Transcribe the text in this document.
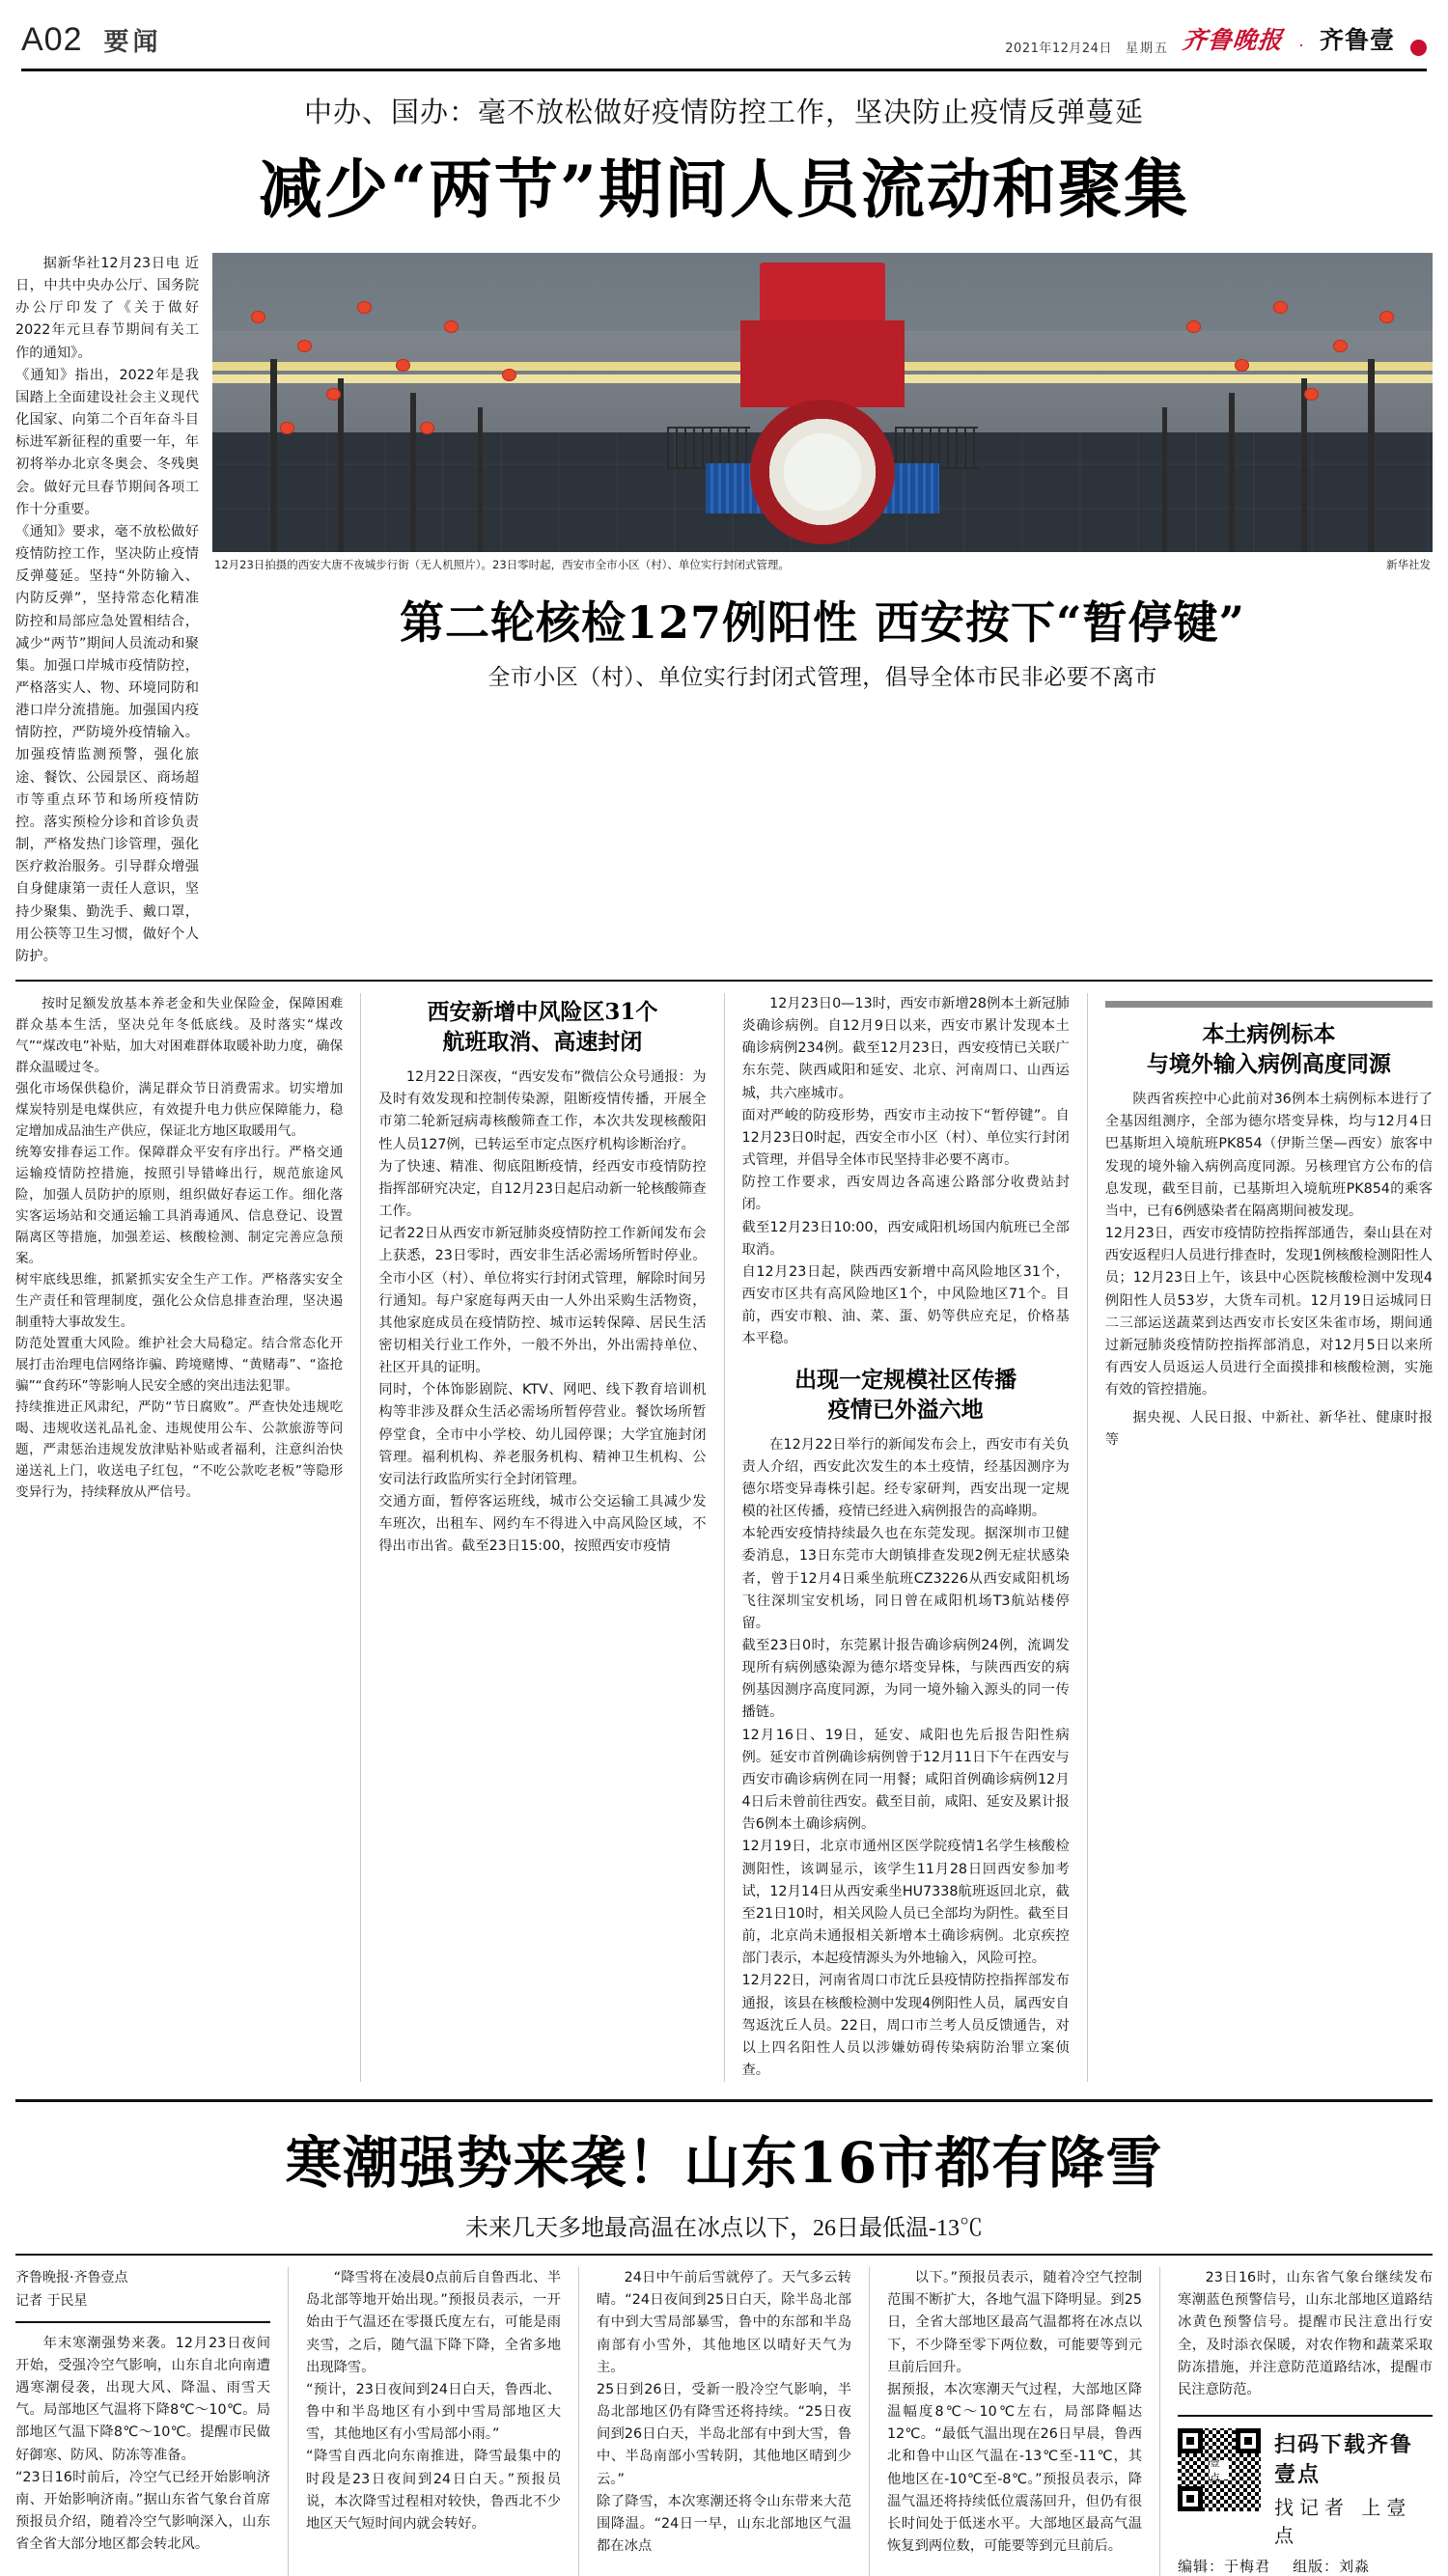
A02 要闻	2021年12月24日 星期五 齐鲁晚报 · 齐鲁壹
中办、国办：毫不放松做好疫情防控工作，坚决防止疫情反弹蔓延
减少“两节”期间人员流动和聚集

据新华社12月23日电 近日，中共中央办公厅、国务院办公厅印发了《关于做好2022年元旦春节期间有关工作的通知》。
《通知》指出，2022年是我国踏上全面建设社会主义现代化国家、向第二个百年奋斗目标进军新征程的重要一年，年初将举办北京冬奥会、冬残奥会。做好元旦春节期间各项工作十分重要。
《通知》要求，毫不放松做好疫情防控工作，坚决防止疫情反弹蔓延。坚持“外防输入、内防反弹”，坚持常态化精准防控和局部应急处置相结合，减少“两节”期间人员流动和聚集。加强口岸城市疫情防控，严格落实人、物、环境同防和港口岸分流措施。加强国内疫情防控，严防境外疫情输入。加强疫情监测预警，强化旅途、餐饮、公园景区、商场超市等重点环节和场所疫情防控。落实预检分诊和首诊负责制，严格发热门诊管理，强化医疗救治服务。引导群众增强自身健康第一责任人意识，坚持少聚集、勤洗手、戴口罩，用公筷等卫生习惯，做好个人防护。

新华社发
12月23日拍摄的西安大唐不夜城步行街（无人机照片）。23日零时起，西安市全市小区（村）、单位实行封闭式管理。
第二轮核检127例阳性 西安按下“暂停键”
全市小区（村）、单位实行封闭式管理，倡导全体市民非必要不离市

按时足额发放基本养老金和失业保险金，保障困难群众基本生活，坚决兑年冬低底线。及时落实“煤改气”“煤改电”补贴，加大对困难群体取暖补助力度，确保群众温暖过冬。
强化市场保供稳价，满足群众节日消费需求。切实增加煤炭特别是电煤供应，有效提升电力供应保障能力，稳定增加成品油生产供应，保证北方地区取暖用气。
统筹安排春运工作。保障群众平安有序出行。严格交通运输疫情防控措施，按照引导错峰出行，规范旅途风险，加强人员防护的原则，组织做好春运工作。细化落实客运场站和交通运输工具消毒通风、信息登记、设置隔离区等措施，加强差运、核酸检测、制定完善应急预案。
树牢底线思维，抓紧抓实安全生产工作。严格落实安全生产责任和管理制度，强化公众信息排查治理，坚决遏制重特大事故发生。
防范处置重大风险。维护社会大局稳定。结合常态化开展打击治理电信网络诈骗、跨境赌博、“黄赌毒”、“盗抢骗”“食药环”等影响人民安全感的突出违法犯罪。
持续推进正风肃纪，严防“节日腐败”。严查快处违规吃喝、违规收送礼品礼金、违规使用公车、公款旅游等问题，严肃惩治违规发放津贴补贴或者福利，注意纠治快递送礼上门，收送电子红包，“不吃公款吃老板”等隐形变异行为，持续释放从严信号。

西安新增中风险区31个
航班取消、高速封闭

12月22日深夜，“西安发布”微信公众号通报：为及时有效发现和控制传染源，阻断疫情传播，开展全市第二轮新冠病毒核酸筛查工作，本次共发现核酸阳性人员127例，已转运至市定点医疗机构诊断治疗。
为了快速、精准、彻底阻断疫情，经西安市疫情防控指挥部研究决定，自12月23日起启动新一轮核酸筛查工作。
记者22日从西安市新冠肺炎疫情防控工作新闻发布会上获悉，23日零时，西安非生活必需场所暂时停业。全市小区（村）、单位将实行封闭式管理，解除时间另行通知。每户家庭每两天由一人外出采购生活物资，其他家庭成员在疫情防控、城市运转保障、居民生活密切相关行业工作外，一般不外出，外出需持单位、社区开具的证明。
同时，个体饰影剧院、KTV、网吧、线下教育培训机构等非涉及群众生活必需场所暂停营业。餐饮场所暂停堂食，全市中小学校、幼儿园停课；大学宜施封闭管理。福利机构、养老服务机构、精神卫生机构、公安司法行政监所实行全封闭管理。
交通方面，暂停客运班线，城市公交运输工具减少发车班次，出租车、网约车不得进入中高风险区域，不得出市出省。截至23日15:00，按照西安市疫情

12月23日0—13时，西安市新增28例本土新冠肺炎确诊病例。自12月9日以来，西安市累计发现本土确诊病例234例。截至12月23日，西安疫情已关联广东东莞、陕西咸阳和延安、北京、河南周口、山西运城，共六座城市。
面对严峻的防疫形势，西安市主动按下“暂停键”。自12月23日0时起，西安全市小区（村）、单位实行封闭式管理，并倡导全体市民坚持非必要不离市。
防控工作要求，西安周边各高速公路部分收费站封闭。
截至12月23日10:00，西安咸阳机场国内航班已全部取消。
自12月23日起，陕西西安新增中高风险地区31个，西安市区共有高风险地区1个，中风险地区71个。目前，西安市粮、油、菜、蛋、奶等供应充足，价格基本平稳。

出现一定规模社区传播
疫情已外溢六地

在12月22日举行的新闻发布会上，西安市有关负责人介绍，西安此次发生的本土疫情，经基因测序为德尔塔变异毒株引起。经专家研判，西安出现一定规模的社区传播，疫情已经进入病例报告的高峰期。
本轮西安疫情持续最久也在东莞发现。据深圳市卫健委消息，13日东莞市大朗镇排查发现2例无症状感染者，曾于12月4日乘坐航班CZ3226从西安咸阳机场飞往深圳宝安机场，同日曾在咸阳机场T3航站楼停留。
截至23日0时，东莞累计报告确诊病例24例，流调发现所有病例感染源为德尔塔变异株，与陕西西安的病例基因测序高度同源，为同一境外输入源头的同一传播链。
12月16日、19日，延安、咸阳也先后报告阳性病例。延安市首例确诊病例曾于12月11日下午在西安与西安市确诊病例在同一用餐；咸阳首例确诊病例12月4日后未曾前往西安。截至目前，咸阳、延安及累计报告6例本土确诊病例。
12月19日，北京市通州区医学院疫情1名学生核酸检测阳性，该调显示，该学生11月28日回西安参加考试，12月14日从西安乘坐HU7338航班返回北京，截至21日10时，相关风险人员已全部均为阴性。截至目前，北京尚未通报相关新增本土确诊病例。北京疾控部门表示，本起疫情源头为外地输入，风险可控。
12月22日，河南省周口市沈丘县疫情防控指挥部发布通报，该县在核酸检测中发现4例阳性人员，属西安自驾返沈丘人员。22日，周口市兰考人员反馈通告，对以上四名阳性人员以涉嫌妨碍传染病防治罪立案侦查。

本土病例标本
与境外输入病例高度同源

陕西省疾控中心此前对36例本土病例标本进行了全基因组测序，全部为德尔塔变异株，均与12月4日巴基斯坦入境航班PK854（伊斯兰堡—西安）旅客中发现的境外输入病例高度同源。另核理官方公布的信息发现，截至目前，已基斯坦入境航班PK854的乘客当中，已有6例感染者在隔离期间被发现。
12月23日，西安市疫情防控指挥部通告，秦山县在对西安返程归人员进行排查时，发现1例核酸检测阳性人员；12月23日上午，该县中心医院核酸检测中发现4例阳性人员53岁，大货车司机。12月19日运城同日二三部运送蔬菜到达西安市长安区朱雀市场，期间通过新冠肺炎疫情防控指挥部消息，对12月5日以来所有西安人员返运人员进行全面摸排和核酸检测，实施有效的管控措施。

据央视、人民日报、中新社、新华社、健康时报等

寒潮强势来袭！山东16市都有降雪
未来几天多地最高温在冰点以下，26日最低温-13℃
齐鲁晚报·齐鲁壹点
记者 于民星

年末寒潮强势来袭。12月23日夜间开始，受强冷空气影响，山东自北向南遭遇寒潮侵袭，出现大风、降温、雨雪天气。局部地区气温将下降8℃～10℃。局部地区气温下降8℃～10℃。提醒市民做好御寒、防风、防冻等准备。
“23日16时前后，冷空气已经开始影响济南、开始影响济南。”据山东省气象台首席预报员介绍，随着冷空气影响深入，山东省全省大部分地区都会转北风。

“降雪将在凌晨0点前后自鲁西北、半岛北部等地开始出现。”预报员表示，一开始由于气温还在零摄氏度左右，可能是雨夹雪，之后，随气温下降下降，全省多地出现降雪。
“预计，23日夜间到24日白天，鲁西北、鲁中和半岛地区有小到中雪局部地区大雪，其他地区有小雪局部小雨。”
“降雪自西北向东南推进，降雪最集中的时段是23日夜间到24日白天。”预报员说，本次降雪过程相对较快，鲁西北不少地区天气短时间内就会转好。

24日中午前后雪就停了。天气多云转晴。“24日夜间到25日白天，除半岛北部有中到大雪局部暴雪，鲁中的东部和半岛南部有小雪外，其他地区以晴好天气为主。
25日到26日，受新一股冷空气影响，半岛北部地区仍有降雪还将持续。“25日夜间到26日白天，半岛北部有中到大雪，鲁中、半岛南部小雪转阴，其他地区晴到少云。”
除了降雪，本次寒潮还将令山东带来大范围降温。“24日一早，山东北部地区气温都在冰点

以下。”预报员表示，随着冷空气控制范围不断扩大，各地气温下降明显。到25日，全省大部地区最高气温都将在冰点以下，不少降至零下两位数，可能要等到元旦前后回升。
据预报，本次寒潮天气过程，大部地区降温幅度8℃～10℃左右，局部降幅达12℃。“最低气温出现在26日早晨，鲁西北和鲁中山区气温在-13℃至-11℃，其他地区在-10℃至-8℃。”预报员表示，降温气温还将持续低位震荡回升，但仍有很长时间处于低迷水平。大部地区最高气温恢复到两位数，可能要等到元旦前后。

23日16时，山东省气象台继续发布寒潮蓝色预警信号，山东北部地区道路结冰黄色预警信号。提醒市民注意出行安全，及时添衣保暖，对农作物和蔬菜采取防冻措施，并注意防范道路结冰，提醒市民注意防范。

壹点
扫码下载齐鲁壹点
找记者 上壹点
编辑：于梅君 组版：刘淼
